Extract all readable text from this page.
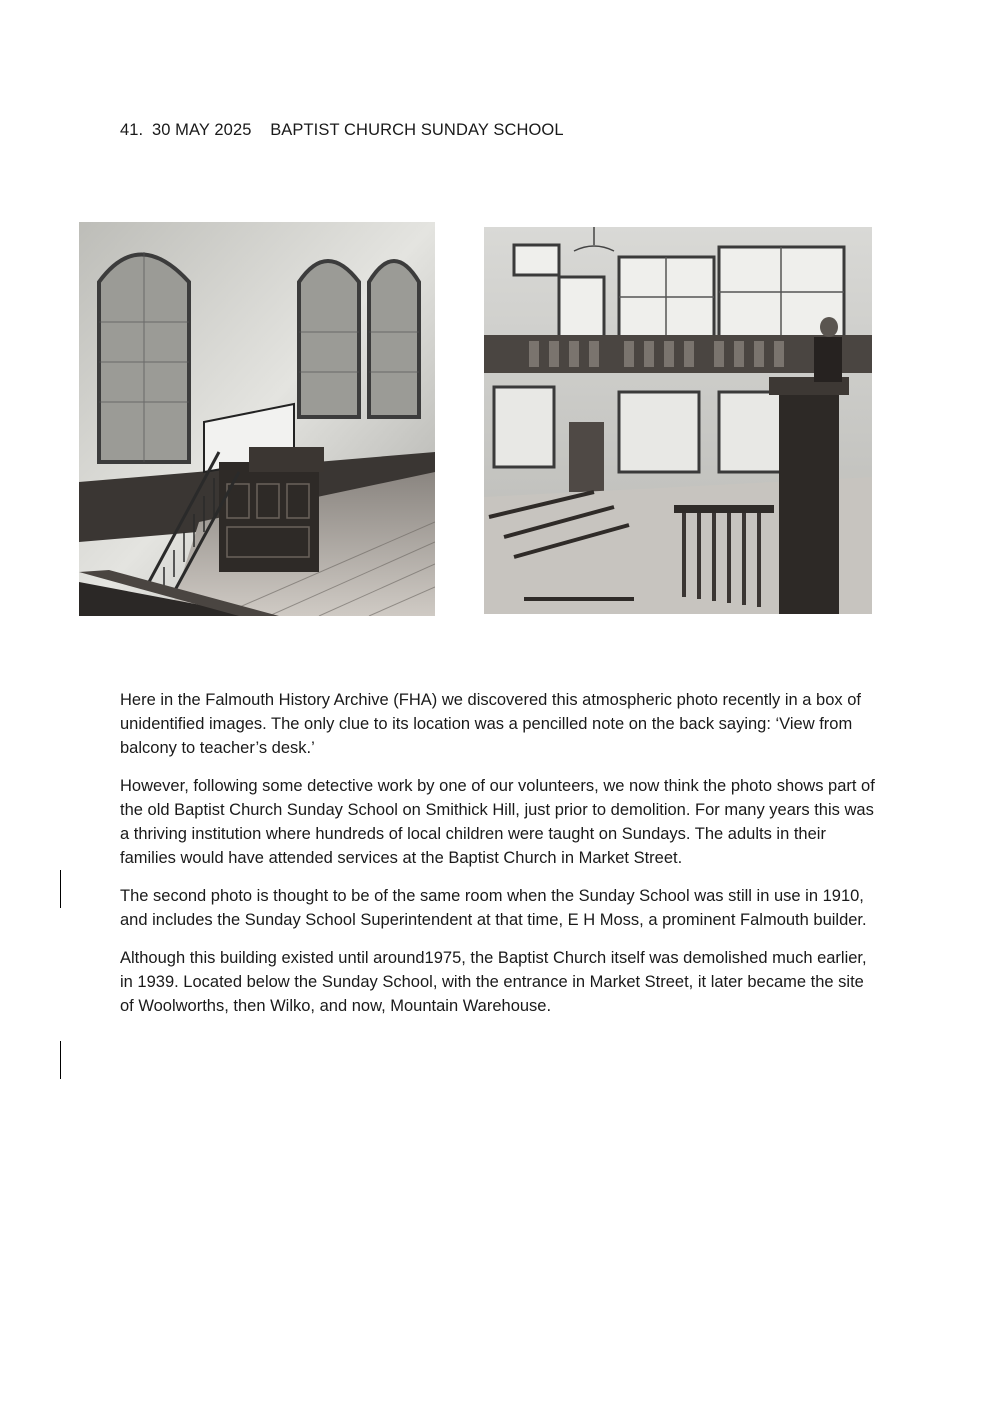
41. 30 MAY 2025 BAPTIST CHURCH SUNDAY SCHOOL

Here in the Falmouth History Archive (FHA) we discovered this atmospheric photo recently in a box of unidentified images. The only clue to its location was a pencilled note on the back saying: ‘View from balcony to teacher’s desk.’

However, following some detective work by one of our volunteers, we now think the photo shows part of the old Baptist Church Sunday School on Smithick Hill, just prior to demolition. For many years this was a thriving institution where hundreds of local children were taught on Sundays. The adults in their families would have attended services at the Baptist Church in Market Street.

The second photo is thought to be of the same room when the Sunday School was still in use in 1910, and includes the Sunday School Superintendent at that time, E H Moss, a prominent Falmouth builder.

Although this building existed until around1975, the Baptist Church itself was demolished much earlier, in 1939. Located below the Sunday School, with the entrance in Market Street, it later became the site of Woolworths, then Wilko, and now, Mountain Warehouse.
